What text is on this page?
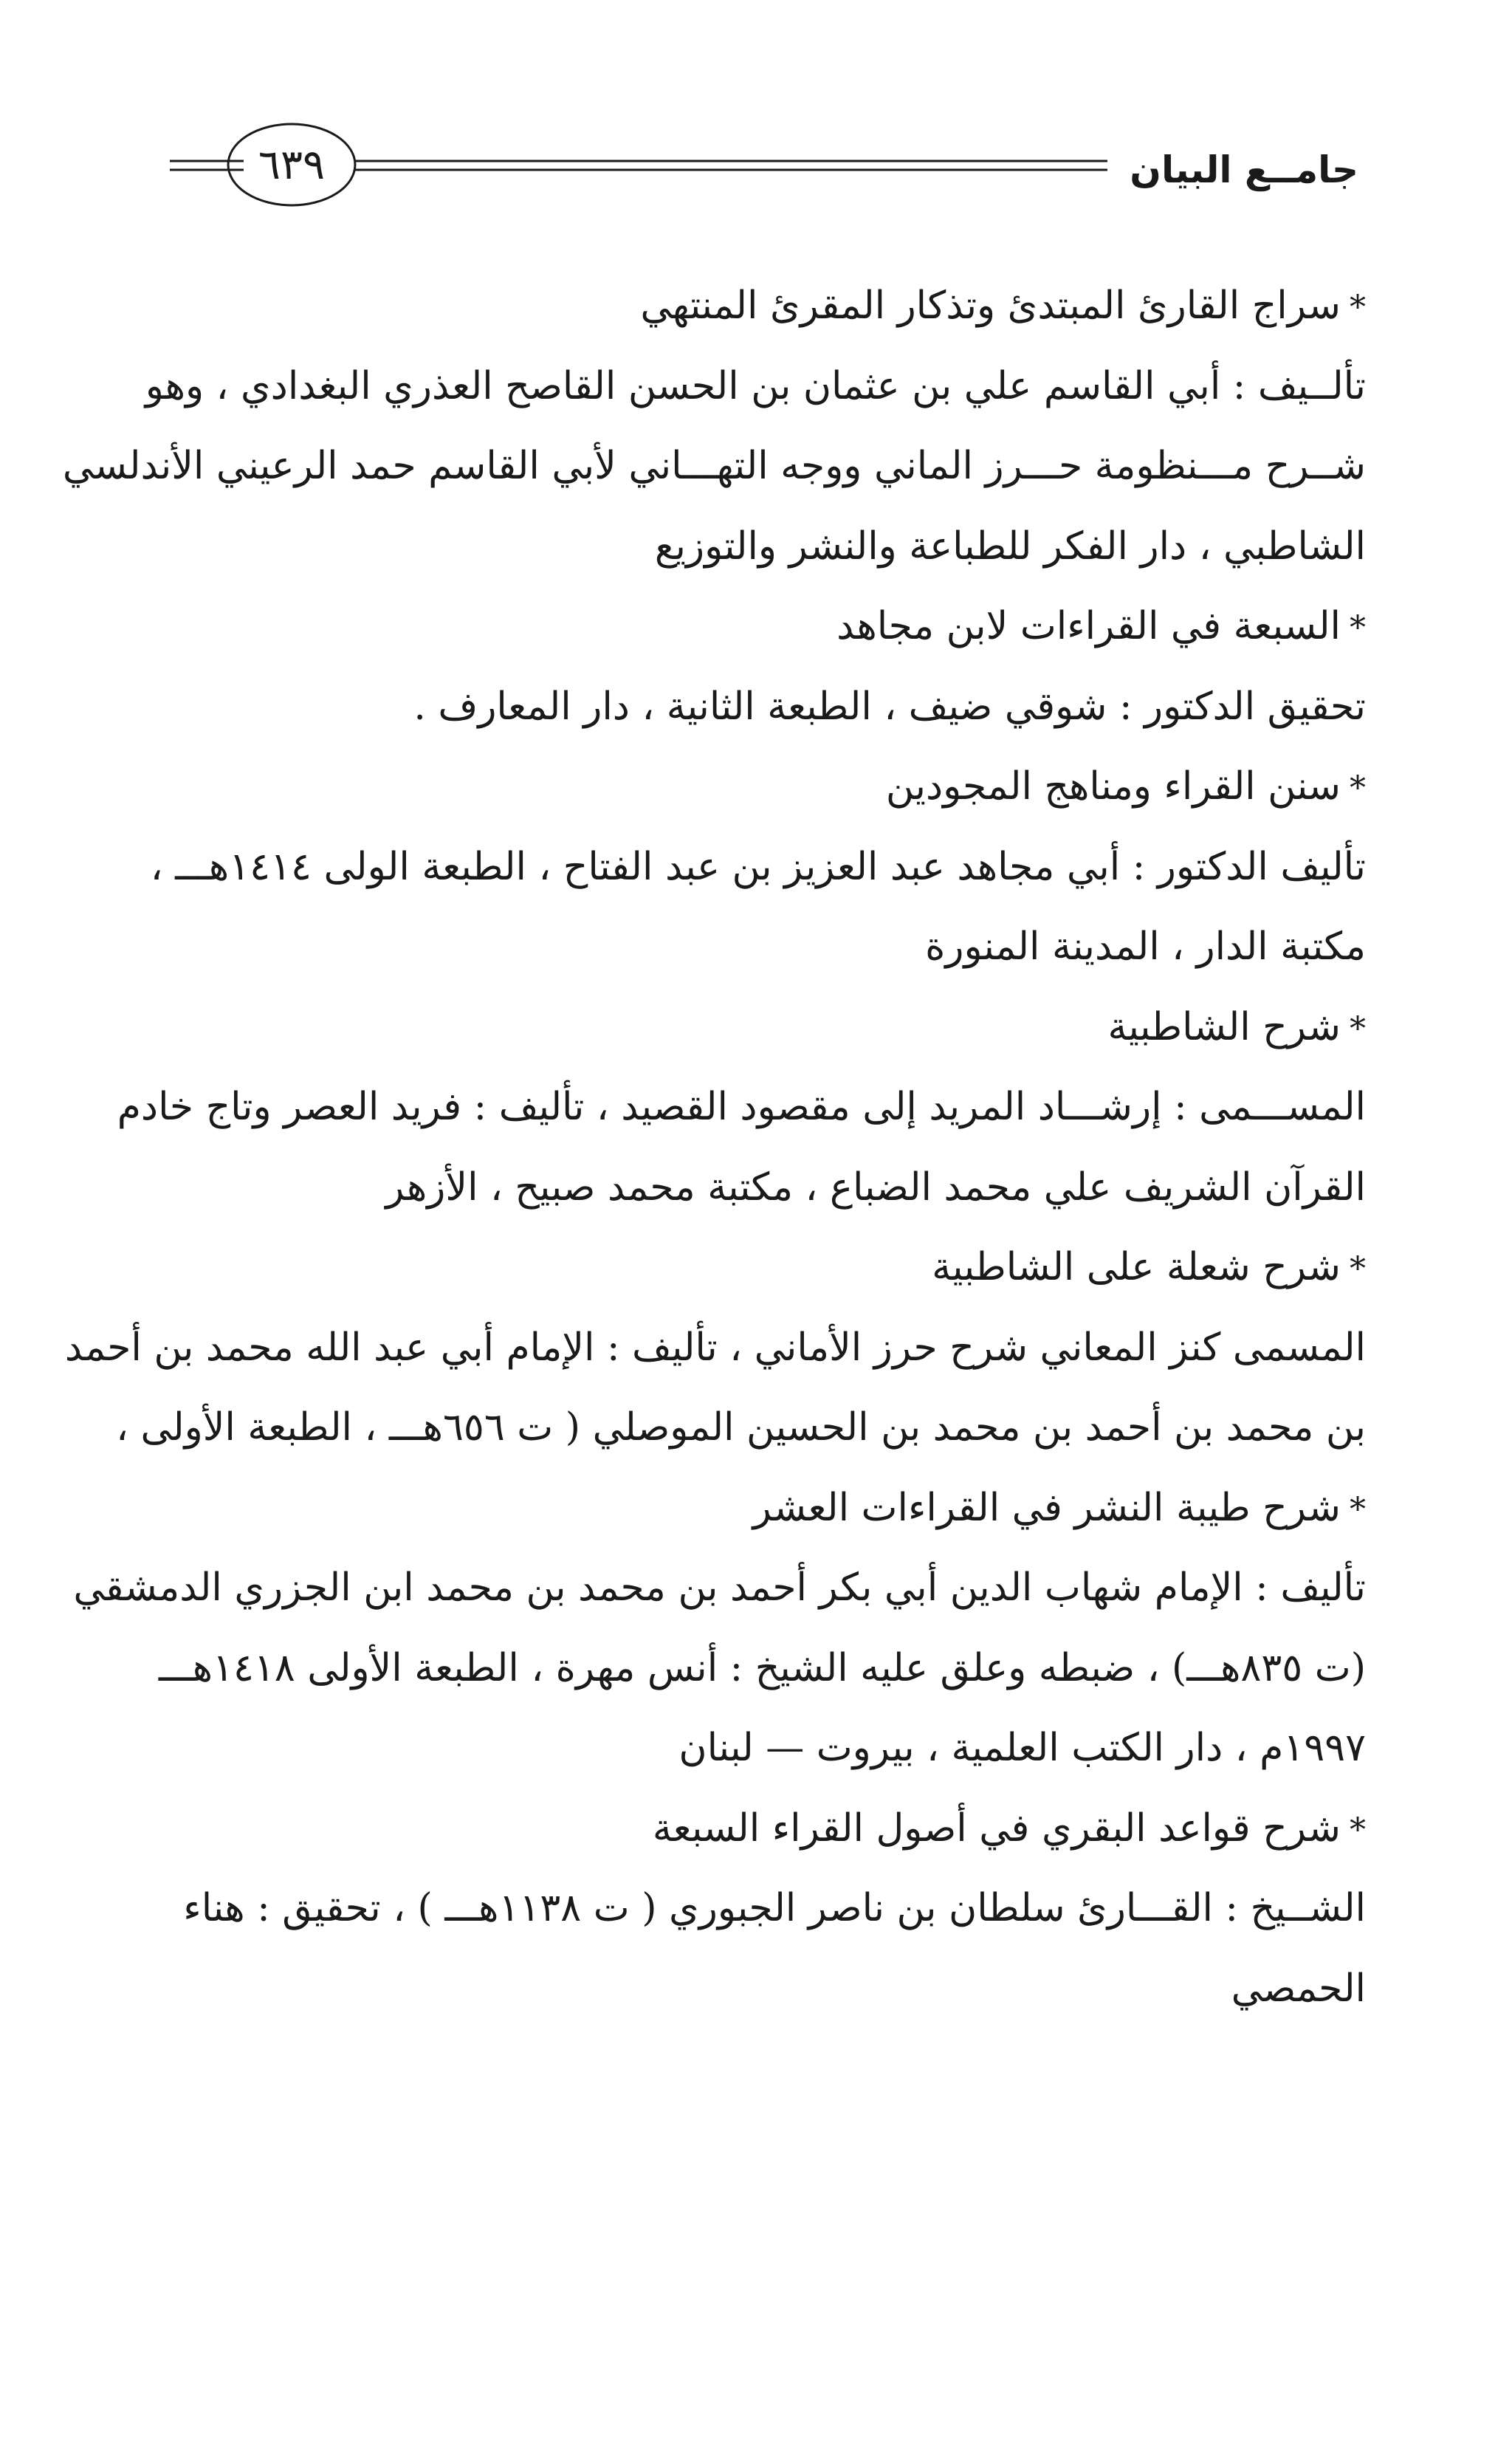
٦٣٩	جامــع البيان
*سراج القارئ المبتدئ وتذكار المقرئ المنتهي
تألــيف : أبي القاسم علي بن عثمان بن الحسن القاصح العذري البغدادي ، وهو
شــرح مـــنظومة حـــرز الماني ووجه التهـــاني لأبي القاسم حمد الرعيني الأندلسي
الشاطبي ، دار الفكر للطباعة والنشر والتوزيع
*السبعة في القراءات لابن مجاهد
تحقيق الدكتور : شوقي ضيف ، الطبعة الثانية ، دار المعارف .
*سنن القراء ومناهج المجودين
تأليف الدكتور : أبي مجاهد عبد العزيز بن عبد الفتاح ، الطبعة الولى ١٤١٤هـــ ،
مكتبة الدار ، المدينة المنورة
*شرح الشاطبية
المســـمى : إرشـــاد المريد إلى مقصود القصيد ، تأليف : فريد العصر وتاج خادم
القرآن الشريف علي محمد الضباع ، مكتبة محمد صبيح ، الأزهر
*شرح شعلة على الشاطبية
المسمى كنز المعاني شرح حرز الأماني ، تأليف : الإمام أبي عبد الله محمد بن أحمد
بن محمد بن أحمد بن محمد بن الحسين الموصلي ( ت ٦٥٦هـــ ، الطبعة الأولى ،
*شرح طيبة النشر في القراءات العشر
تأليف : الإمام شهاب الدين أبي بكر أحمد بن محمد بن محمد ابن الجزري الدمشقي
(ت ٨٣٥هـــ) ، ضبطه وعلق عليه الشيخ : أنس مهرة ، الطبعة الأولى ١٤١٨هـــ
١٩٩٧م ، دار الكتب العلمية ، بيروت — لبنان
*شرح قواعد البقري في أصول القراء السبعة
الشــيخ : القـــارئ سلطان بن ناصر الجبوري ( ت ١١٣٨هـــ ) ، تحقيق : هناء
الحمصي
